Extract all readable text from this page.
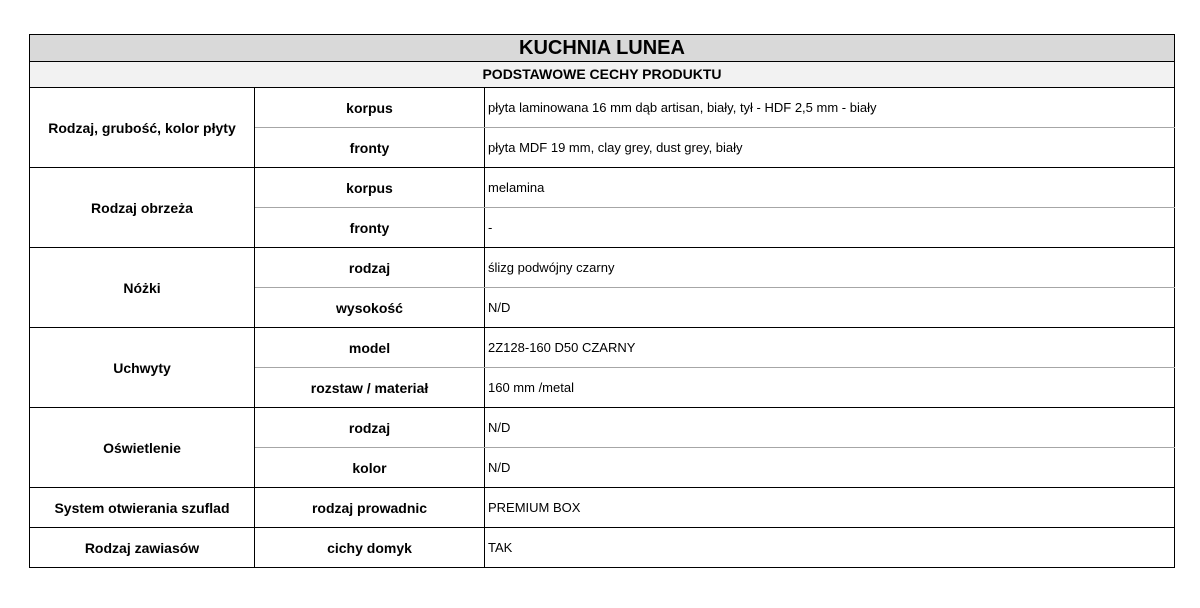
KUCHNIA LUNEA		
PODSTAWOWE CECHY PRODUKTU		
Rodzaj, grubość, kolor płyty	korpus	płyta laminowana 16 mm dąb artisan, biały, tył - HDF 2,5 mm - biały
	fronty	płyta MDF 19 mm, clay grey, dust grey, biały
Rodzaj obrzeża	korpus	melamina
	fronty	-
Nóżki	rodzaj	ślizg podwójny czarny
	wysokość	N/D
Uchwyty	model	2Z128-160 D50 CZARNY
	rozstaw / materiał	160 mm /metal
Oświetlenie	rodzaj	N/D
	kolor	N/D
System otwierania szuflad	rodzaj prowadnic	PREMIUM BOX
Rodzaj zawiasów	cichy domyk	TAK
